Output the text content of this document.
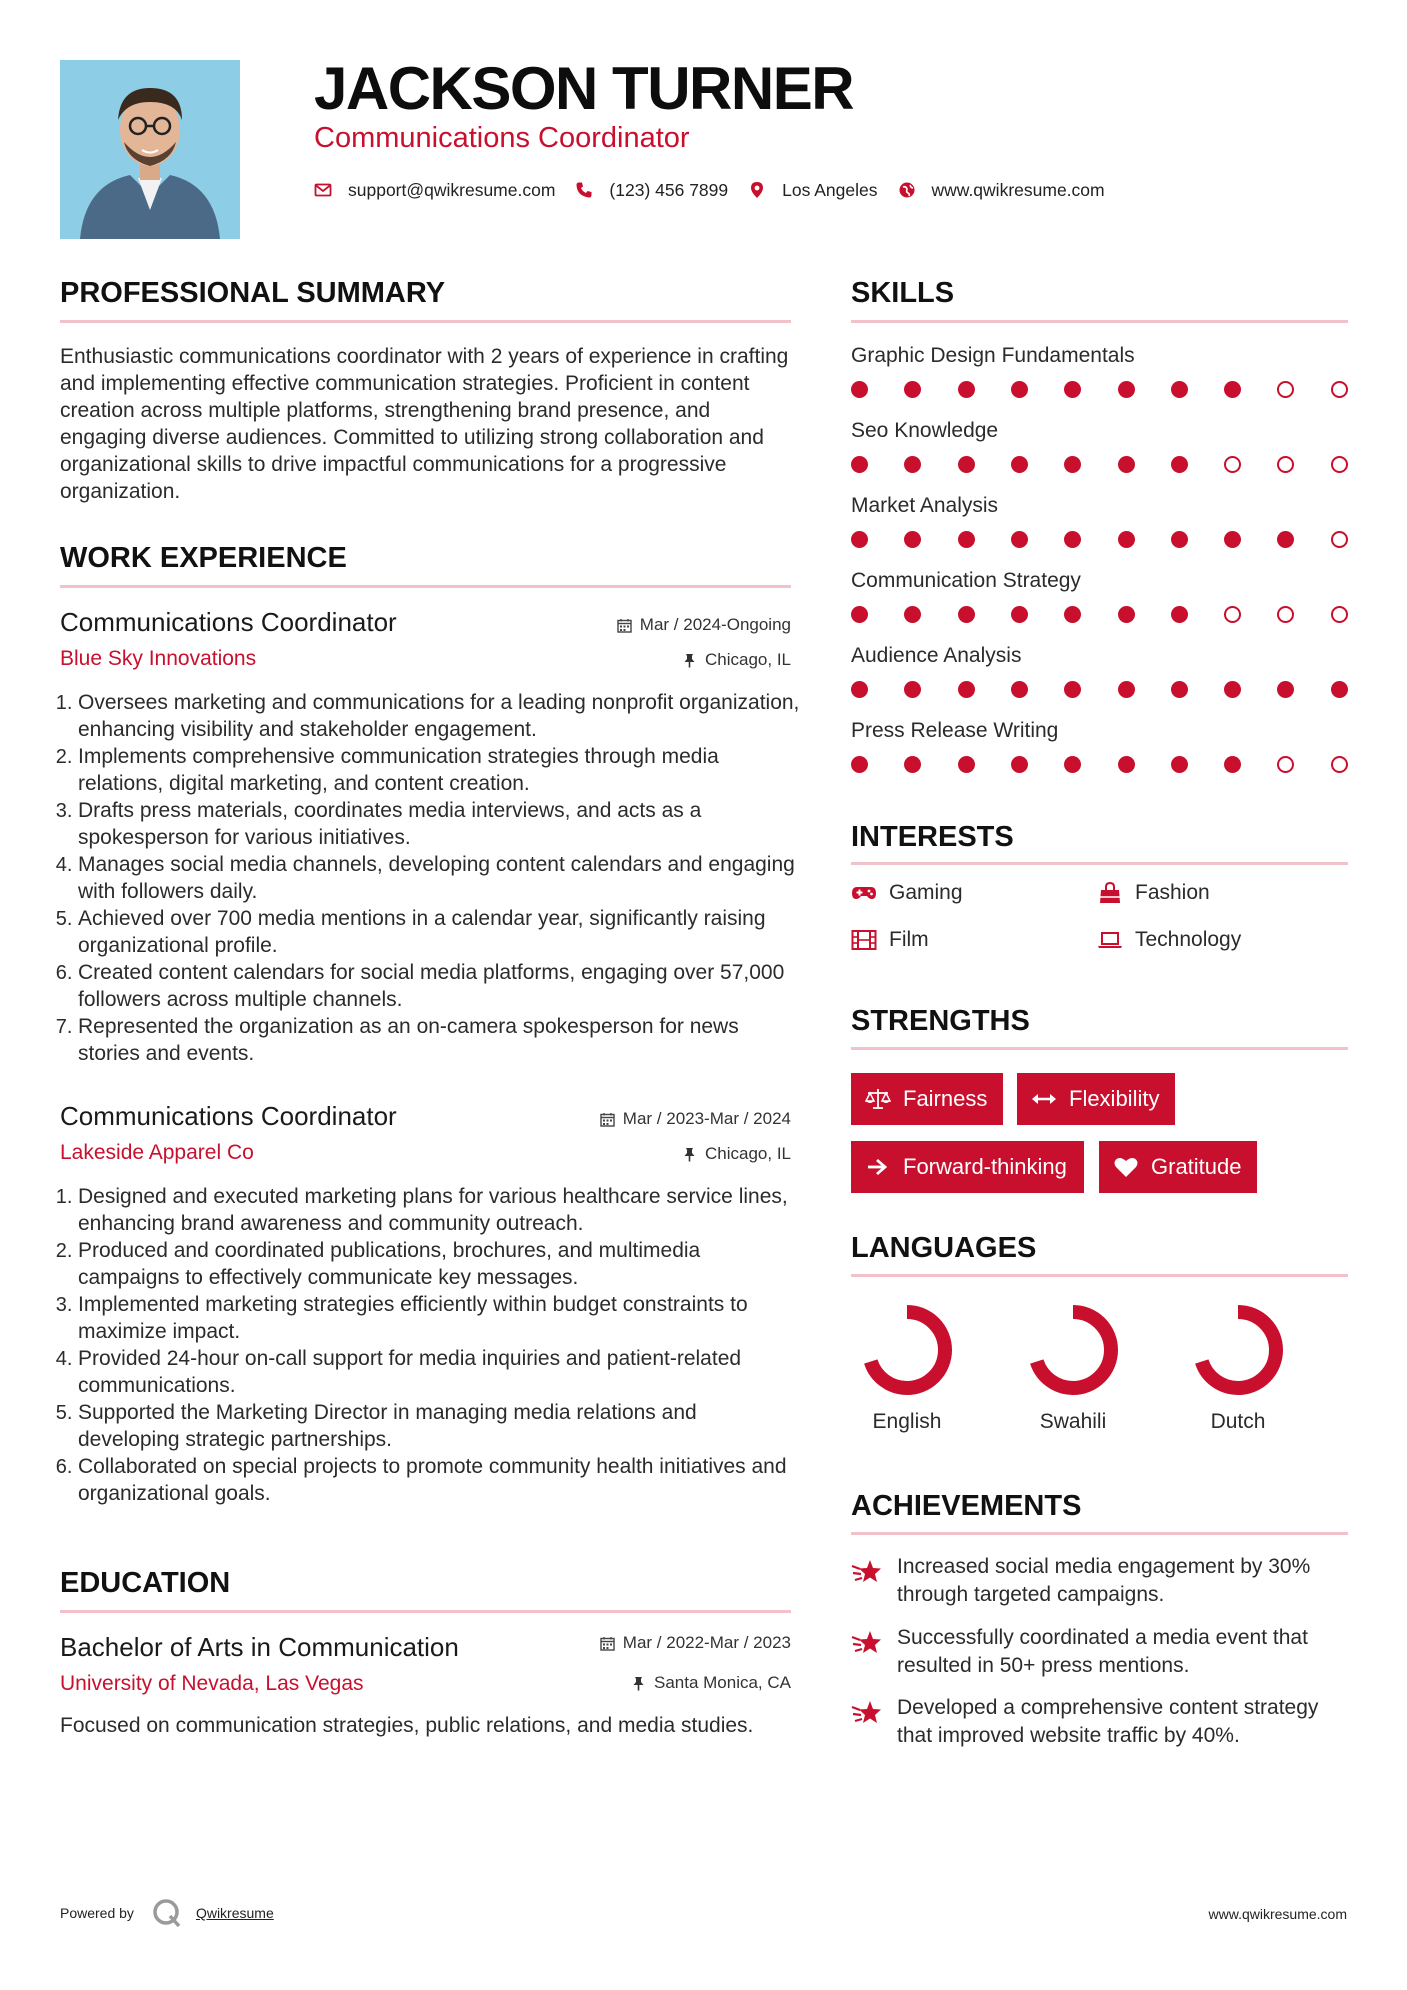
JACKSON TURNER
Communications Coordinator
support@qwikresume.com	(123) 456 7899	Los Angeles	www.qwikresume.com
PROFESSIONAL SUMMARY
Enthusiastic communications coordinator with 2 years of experience in crafting and implementing effective communication strategies. Proficient in content creation across multiple platforms, strengthening brand presence, and engaging diverse audiences. Committed to utilizing strong collaboration and organizational skills to drive impactful communications for a progressive organization.
WORK EXPERIENCE
Communications Coordinator	Mar / 2024-Ongoing
Blue Sky Innovations	Chicago, IL
1. Oversees marketing and communications for a leading nonprofit organization, enhancing visibility and stakeholder engagement.
2. Implements comprehensive communication strategies through media relations, digital marketing, and content creation.
3. Drafts press materials, coordinates media interviews, and acts as a spokesperson for various initiatives.
4. Manages social media channels, developing content calendars and engaging with followers daily.
5. Achieved over 700 media mentions in a calendar year, significantly raising organizational profile.
6. Created content calendars for social media platforms, engaging over 57,000 followers across multiple channels.
7. Represented the organization as an on-camera spokesperson for news stories and events.
Communications Coordinator	Mar / 2023-Mar / 2024
Lakeside Apparel Co	Chicago, IL
1. Designed and executed marketing plans for various healthcare service lines, enhancing brand awareness and community outreach.
2. Produced and coordinated publications, brochures, and multimedia campaigns to effectively communicate key messages.
3. Implemented marketing strategies efficiently within budget constraints to maximize impact.
4. Provided 24-hour on-call support for media inquiries and patient-related communications.
5. Supported the Marketing Director in managing media relations and developing strategic partnerships.
6. Collaborated on special projects to promote community health initiatives and organizational goals.
EDUCATION
Bachelor of Arts in Communication	Mar / 2022-Mar / 2023
University of Nevada, Las Vegas	Santa Monica, CA
Focused on communication strategies, public relations, and media studies.
SKILLS
Graphic Design Fundamentals
Seo Knowledge
Market Analysis
Communication Strategy
Audience Analysis
Press Release Writing
INTERESTS
Gaming	Fashion
Film	Technology
STRENGTHS
Fairness	Flexibility
Forward-thinking	Gratitude
LANGUAGES
English	Swahili	Dutch
ACHIEVEMENTS
Increased social media engagement by 30% through targeted campaigns.
Successfully coordinated a media event that resulted in 50+ press mentions.
Developed a comprehensive content strategy that improved website traffic by 40%.
Powered by	Qwikresume	www.qwikresume.com
